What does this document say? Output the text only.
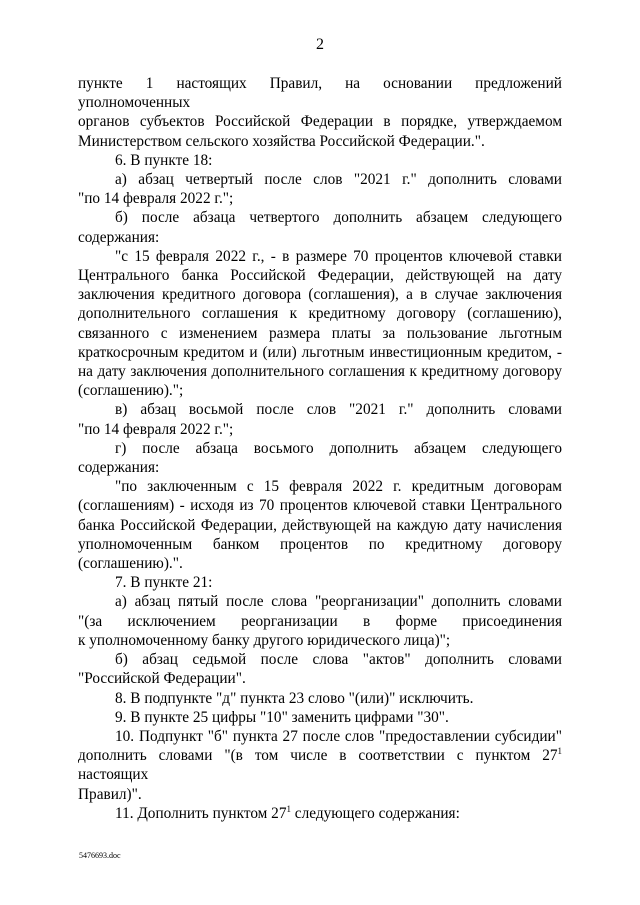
2

пункте 1 настоящих Правил, на основании предложений уполномоченных

органов субъектов Российской Федерации в порядке, утверждаемом

Министерством сельского хозяйства Российской Федерации.".

6. В пункте 18:

а) абзац четвертый после слов "2021 г." дополнить словами

"по 14 февраля 2022 г.";

б) после абзаца четвертого дополнить абзацем следующего

содержания:

"с 15 февраля 2022 г., - в размере 70 процентов ключевой ставки

Центрального банка Российской Федерации, действующей на дату

заключения кредитного договора (соглашения), а в случае заключения

дополнительного соглашения к кредитному договору (соглашению),

связанного с изменением размера платы за пользование льготным

краткосрочным кредитом и (или) льготным инвестиционным кредитом, -

на дату заключения дополнительного соглашения к кредитному договору

(соглашению).";

в) абзац восьмой после слов "2021 г." дополнить словами

"по 14 февраля 2022 г.";

г) после абзаца восьмого дополнить абзацем следующего

содержания:

"по заключенным с 15 февраля 2022 г. кредитным договорам

(соглашениям) - исходя из 70 процентов ключевой ставки Центрального

банка Российской Федерации, действующей на каждую дату начисления

уполномоченным банком процентов по кредитному договору

(соглашению).".

7. В пункте 21:

а) абзац пятый после слова "реорганизации" дополнить словами

"(за исключением реорганизации в форме присоединения

к уполномоченному банку другого юридического лица)";

б) абзац седьмой после слова "актов" дополнить словами

"Российской Федерации".

8. В подпункте "д" пункта 23 слово "(или)" исключить.

9. В пункте 25 цифры "10" заменить цифрами "30".

10. Подпункт "б" пункта 27 после слов "предоставлении субсидии"

дополнить словами "(в том числе в соответствии с пунктом $27^1$ настоящих

Правил)".

11. Дополнить пунктом $27^1$ следующего содержания:

5476693.doc
